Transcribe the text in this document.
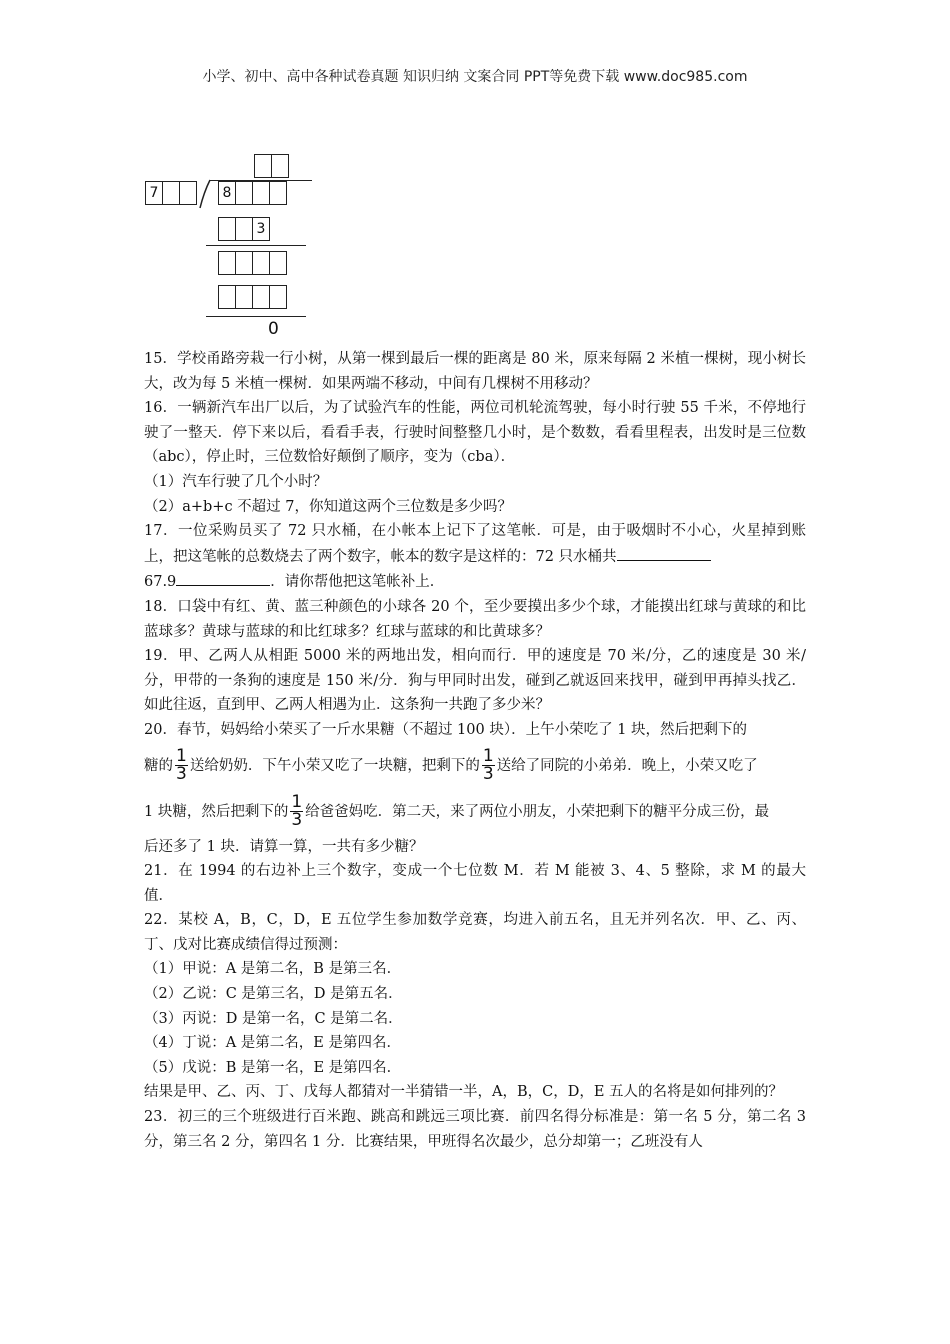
小学、初中、高中各种试卷真题 知识归纳 文案合同 PPT等免费下载 www.doc985.com
7	8
3
0

15．学校甬路旁栽一行小树，从第一棵到最后一棵的距离是 80 米，原来每隔 2 米植一棵树，现小树长大，改为每 5 米植一棵树．如果两端不移动，中间有几棵树不用移动？

16．一辆新汽车出厂以后，为了试验汽车的性能，两位司机轮流驾驶，每小时行驶 55 千米，不停地行驶了一整天．停下来以后，看看手表，行驶时间整整几小时，是个数数，看看里程表，出发时是三位数（abc），停止时，三位数恰好颠倒了顺序，变为（cba）．

（1）汽车行驶了几个小时？

（2）a+b+c 不超过 7，你知道这两个三位数是多少吗？

17．一位采购员买了 72 只水桶，在小帐本上记下了这笔帐．可是，由于吸烟时不小心，火星掉到账上，把这笔帐的总数烧去了两个数字，帐本的数字是这样的：72 只水桶共
67.9	．请你帮他把这笔帐补上．

18．口袋中有红、黄、蓝三种颜色的小球各 20 个，至少要摸出多少个球，才能摸出红球与黄球的和比蓝球多？黄球与蓝球的和比红球多？红球与蓝球的和比黄球多？

19．甲、乙两人从相距 5000 米的两地出发，相向而行．甲的速度是 70 米/分，乙的速度是 30 米/分，甲带的一条狗的速度是 150 米/分．狗与甲同时出发，碰到乙就返回来找甲，碰到甲再掉头找乙．如此往返，直到甲、乙两人相遇为止．这条狗一共跑了多少米？

20．春节，妈妈给小荣买了一斤水果糖（不超过 100 块）．上午小荣吃了 1 块，然后把剩下的

糖的 $\frac{1}{3}$ 送给奶奶．下午小荣又吃了一块糖，把剩下的 $\frac{1}{3}$ 送给了同院的小弟弟．晚上，小荣又吃了

1 块糖，然后把剩下的 $\frac{1}{3}$ 给爸爸妈吃．第二天，来了两位小朋友，小荣把剩下的糖平分成三份，最

后还多了 1 块．请算一算，一共有多少糖？

21．在 1994 的右边补上三个数字，变成一个七位数 M．若 M 能被 3、4、5 整除，求 M 的最大值．

22．某校 A，B，C，D，E 五位学生参加数学竞赛，均进入前五名，且无并列名次．甲、乙、丙、丁、戊对比赛成绩信得过预测：

（1）甲说：A 是第二名，B 是第三名．

（2）乙说：C 是第三名，D 是第五名．

（3）丙说：D 是第一名，C 是第二名．

（4）丁说：A 是第二名，E 是第四名．

（5）戊说：B 是第一名，E 是第四名．

结果是甲、乙、丙、丁、戊每人都猜对一半猜错一半，A，B，C，D，E 五人的名将是如何排列的？

23．初三的三个班级进行百米跑、跳高和跳远三项比赛．前四名得分标准是：第一名 5 分，第二名 3 分，第三名 2 分，第四名 1 分．比赛结果，甲班得名次最少，总分却第一；乙班没有人
